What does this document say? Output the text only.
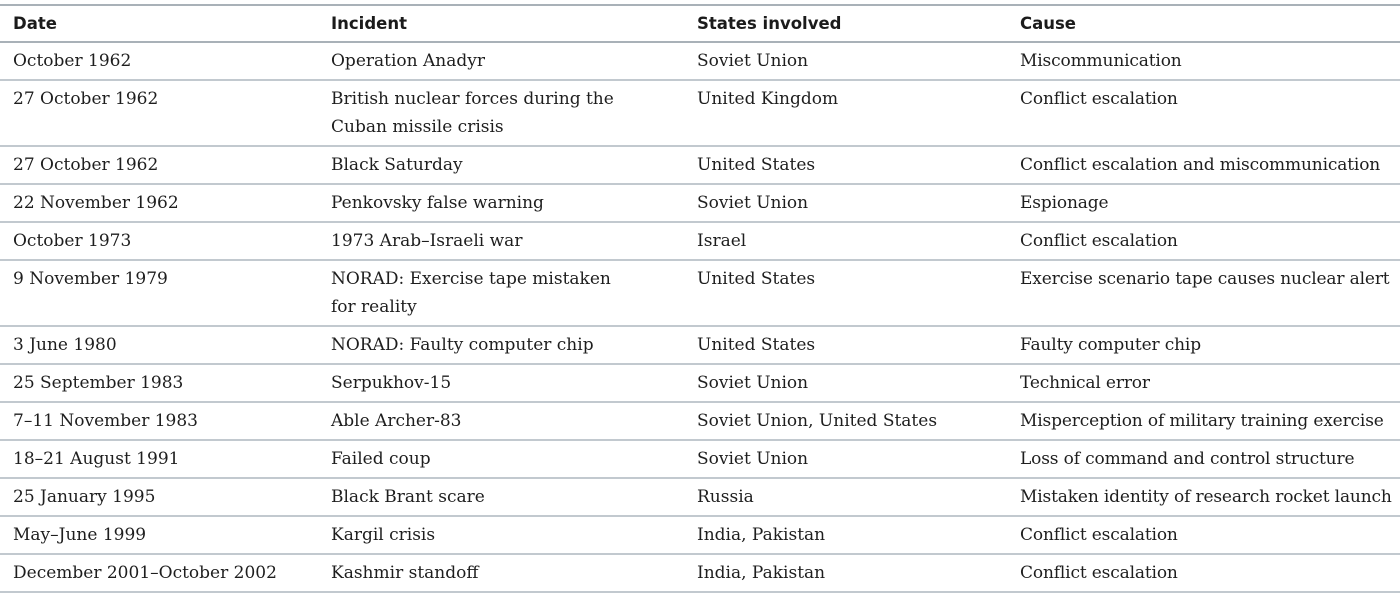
Date	Incident	States involved	Cause
October 1962	Operation Anadyr	Soviet Union	Miscommunication
27 October 1962	British nuclear forces during the Cuban missile crisis	United Kingdom	Conflict escalation
27 October 1962	Black Saturday	United States	Conflict escalation and miscommunication
22 November 1962	Penkovsky false warning	Soviet Union	Espionage
October 1973	1973 Arab–Israeli war	Israel	Conflict escalation
9 November 1979	NORAD: Exercise tape mistaken for reality	United States	Exercise scenario tape causes nuclear alert
3 June 1980	NORAD: Faulty computer chip	United States	Faulty computer chip
25 September 1983	Serpukhov-15	Soviet Union	Technical error
7–11 November 1983	Able Archer-83	Soviet Union, United States	Misperception of military training exercise
18–21 August 1991	Failed coup	Soviet Union	Loss of command and control structure
25 January 1995	Black Brant scare	Russia	Mistaken identity of research rocket launch
May–June 1999	Kargil crisis	India, Pakistan	Conflict escalation
December 2001–October 2002	Kashmir standoff	India, Pakistan	Conflict escalation
